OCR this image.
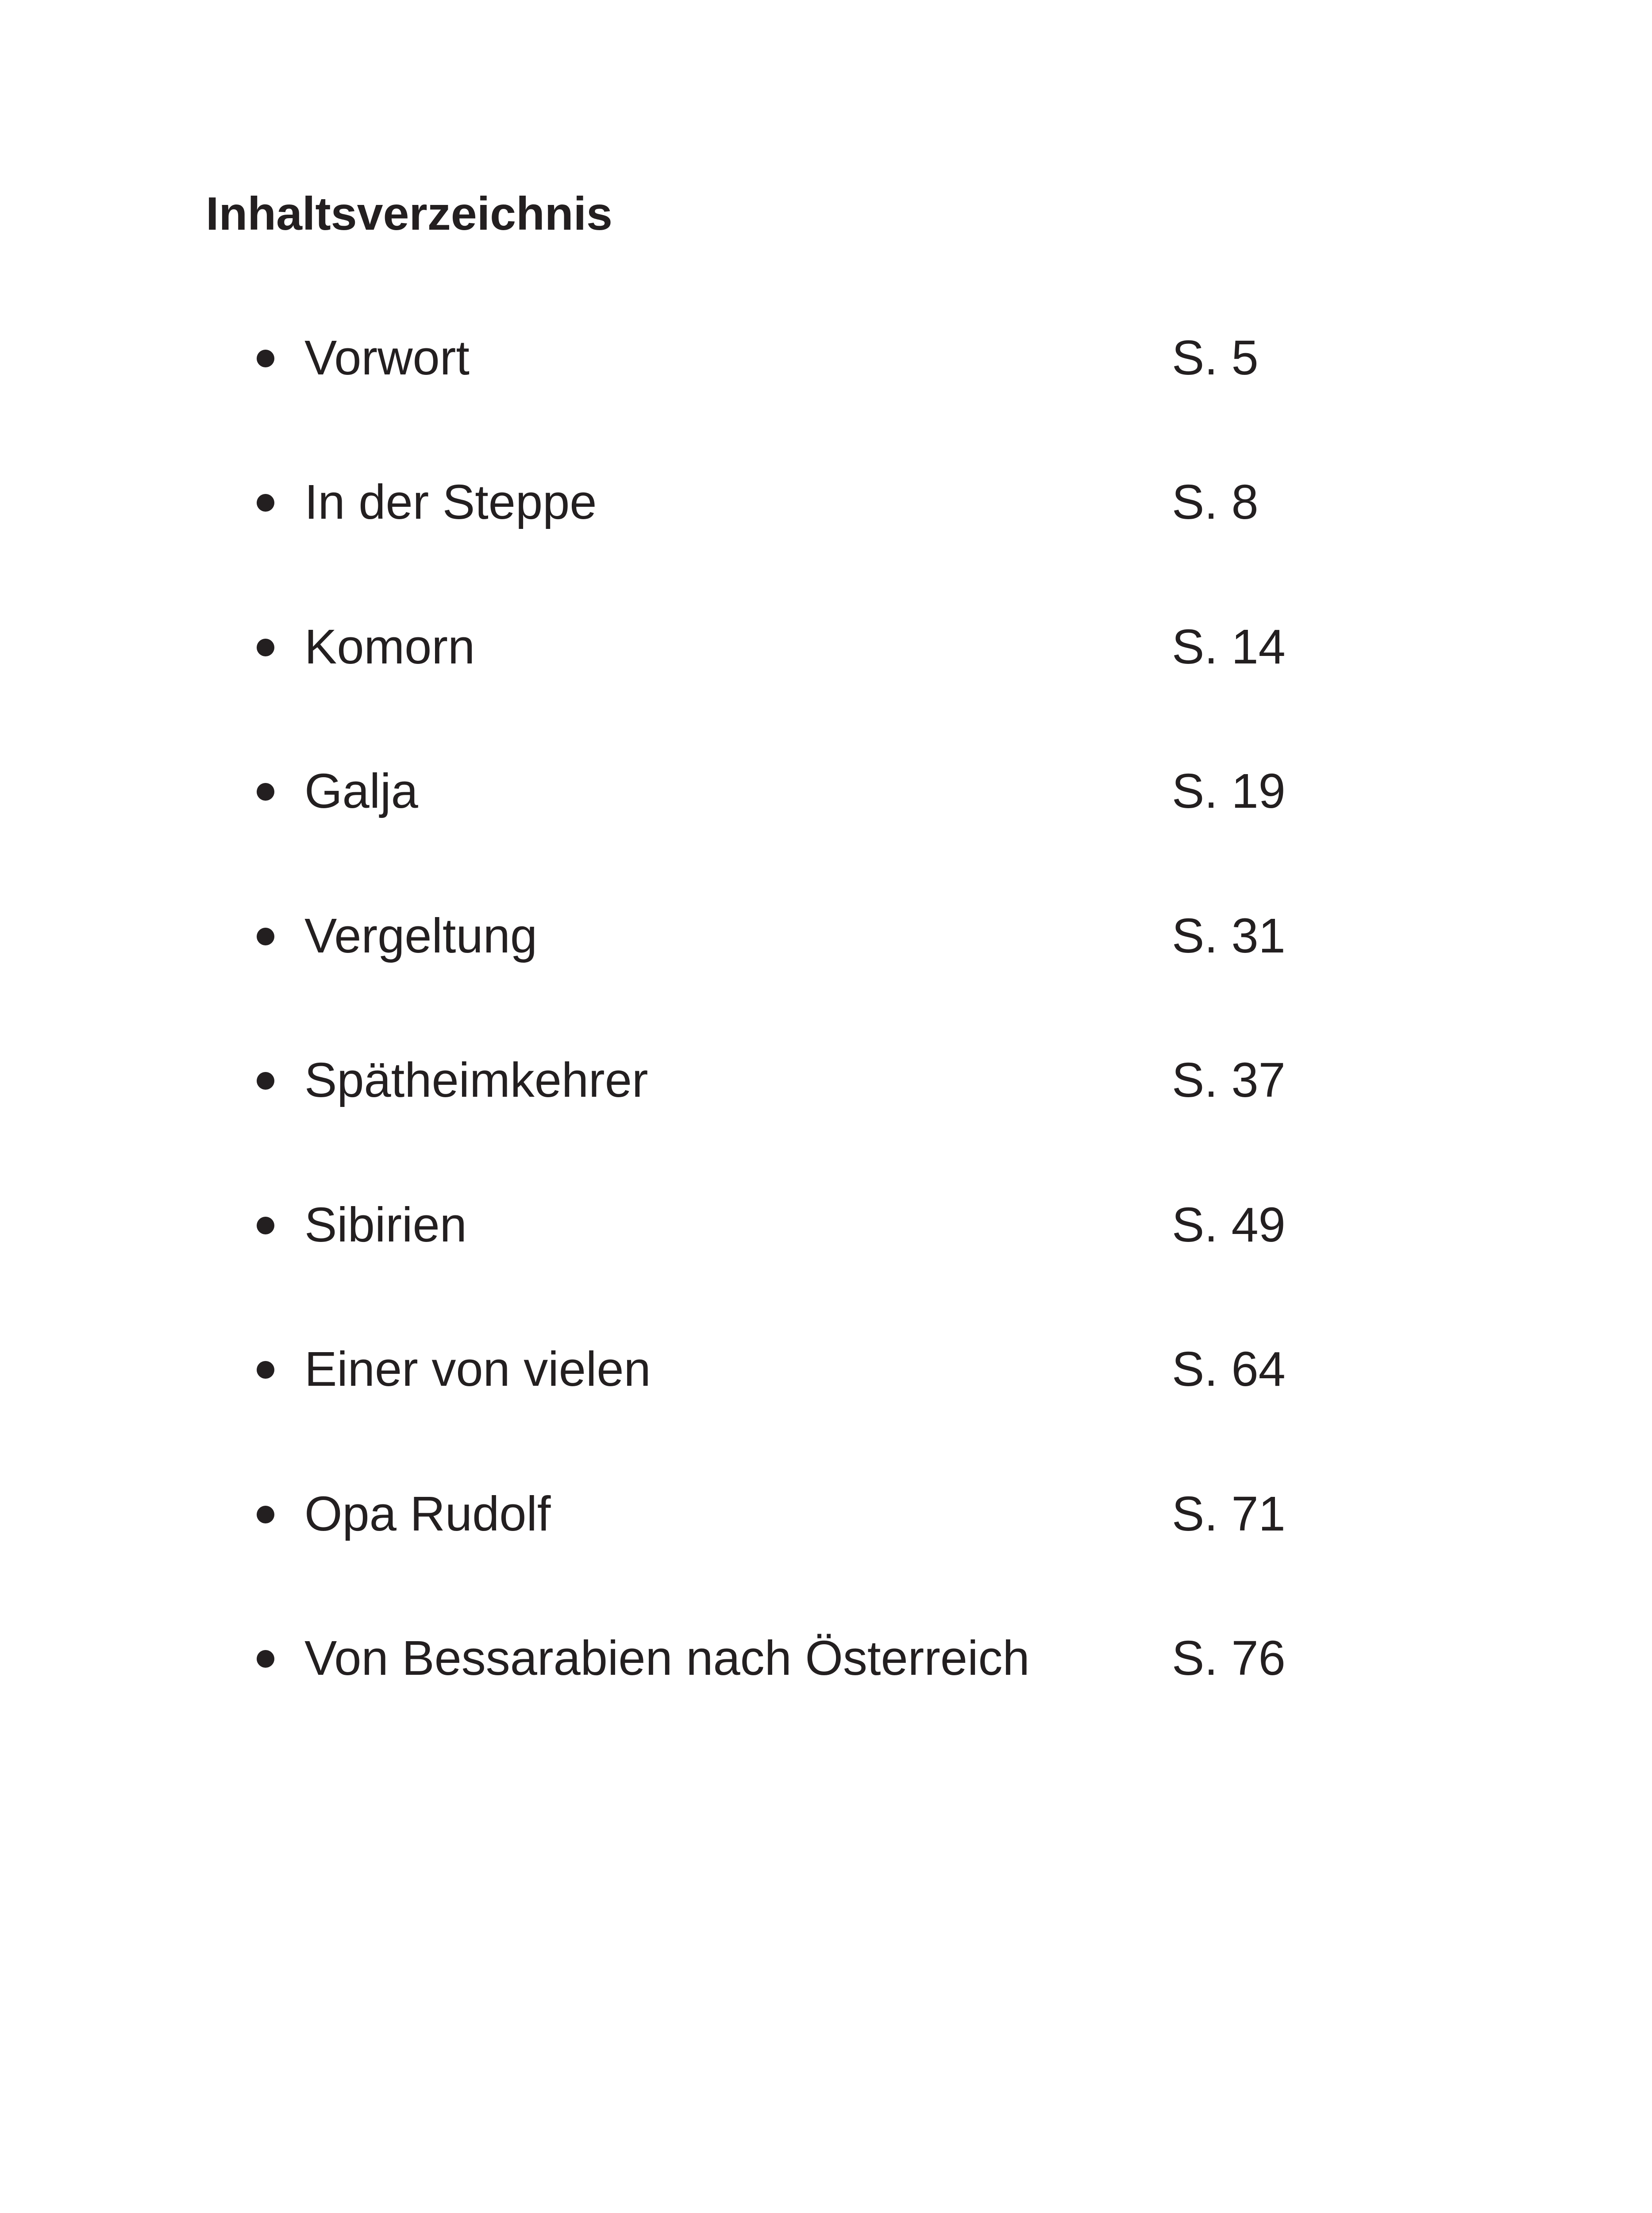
Inhaltsverzeichnis
Vorwort	S. 5
In der Steppe	S. 8
Komorn	S. 14
Galja	S. 19
Vergeltung	S. 31
Spätheimkehrer	S. 37
Sibirien	S. 49
Einer von vielen	S. 64
Opa Rudolf	S. 71
Von Bessarabien nach Österreich	S. 76
